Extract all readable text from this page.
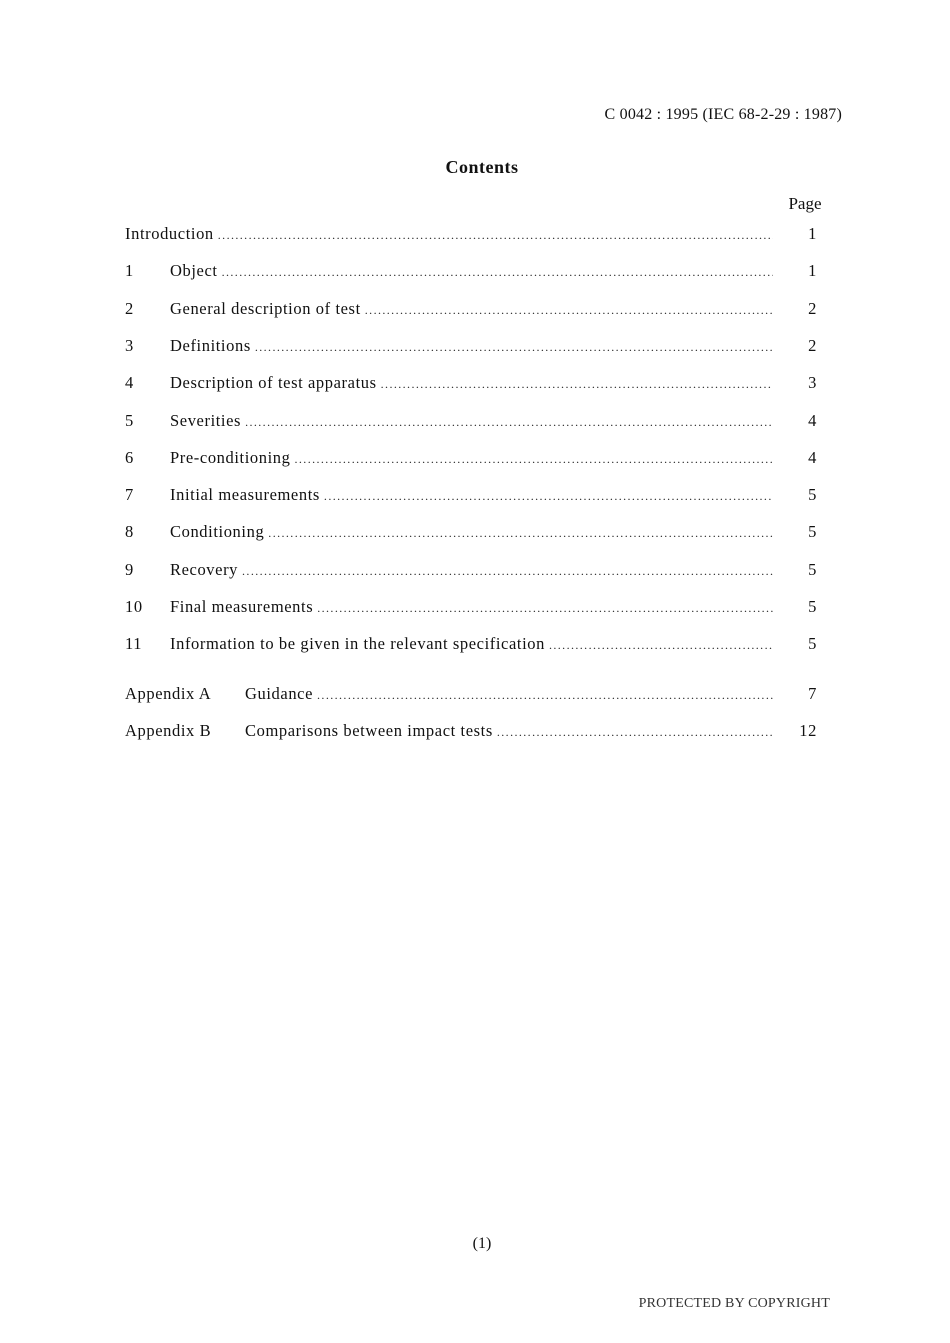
C 0042 : 1995 (IEC 68-2-29 : 1987)
Contents
Page
Introduction .....	1
1	Object .....	1
2	General description of test .....	2
3	Definitions .....	2
4	Description of test apparatus .....	3
5	Severities .....	4
6	Pre-conditioning .....	4
7	Initial measurements .....	5
8	Conditioning .....	5
9	Recovery .....	5
10	Final measurements .....	5
11	Information to be given in the relevant specification .....	5
Appendix A	Guidance .....	7
Appendix B	Comparisons between impact tests .....	12
(1)
PROTECTED BY COPYRIGHT
